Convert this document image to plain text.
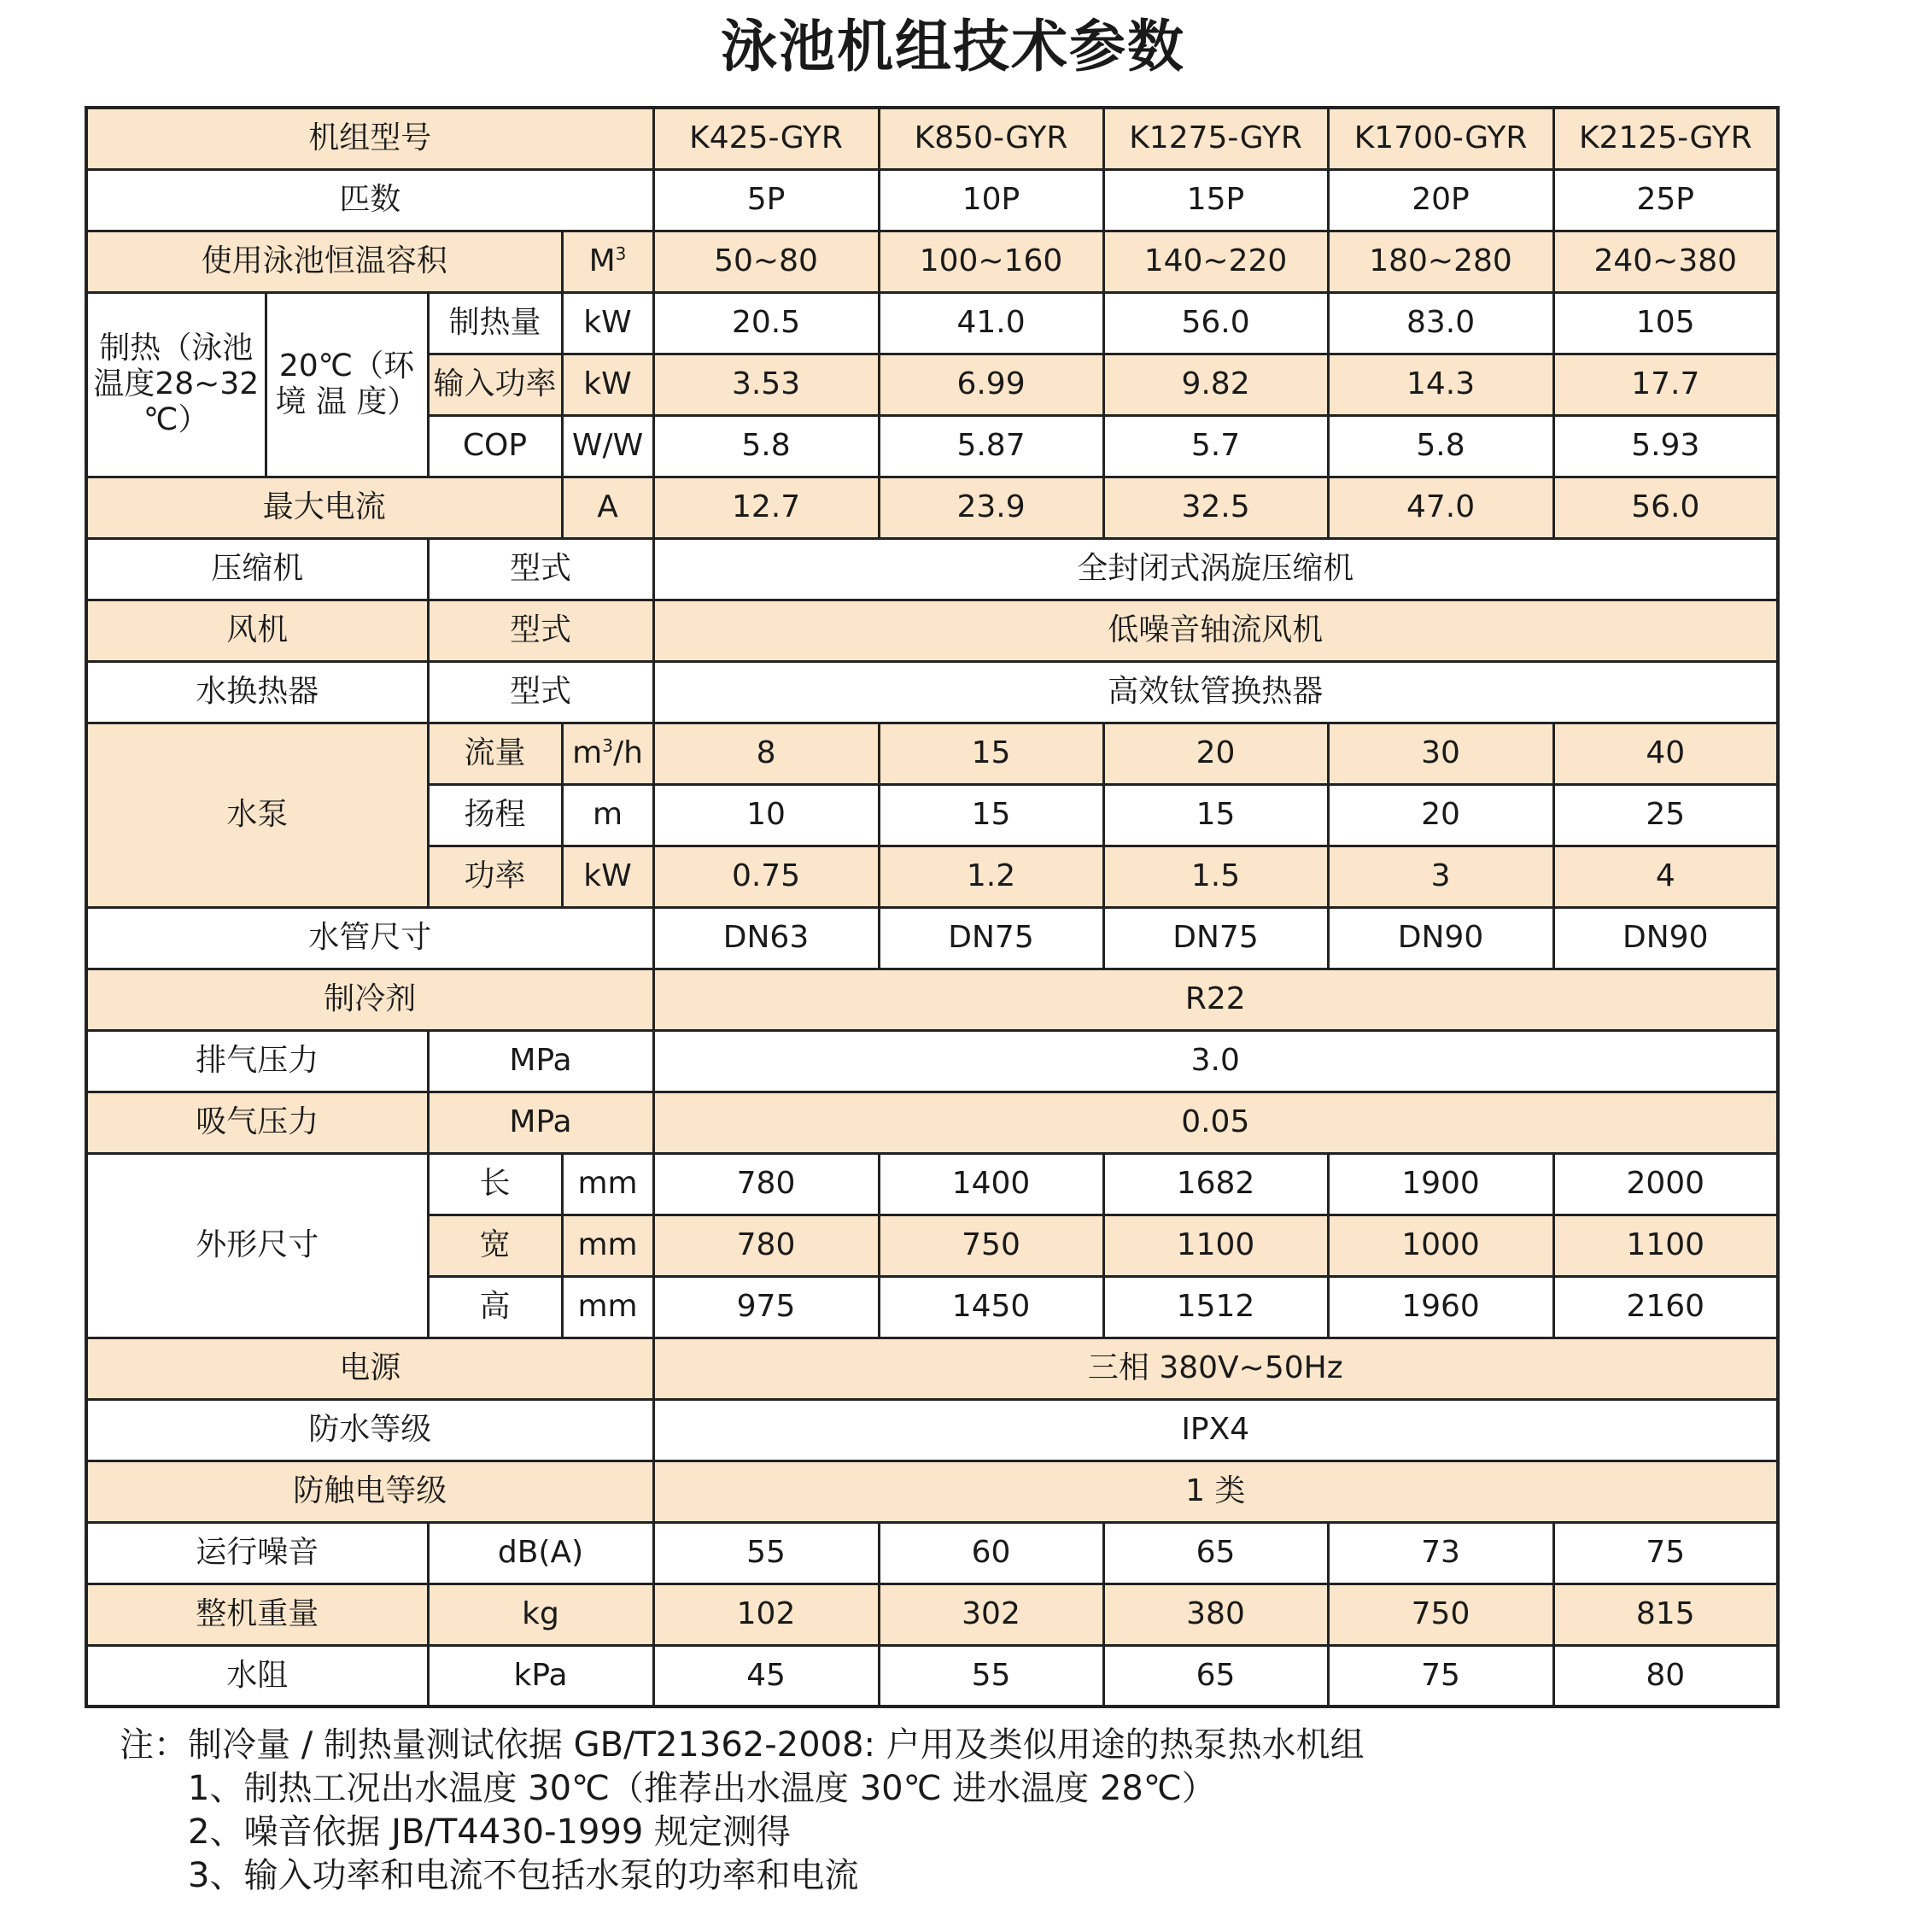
泳池机组技术参数
机组型号				K425-GYR	K850-GYR	K1275-GYR	K1700-GYR	K2125-GYR
匹数				5P	10P	15P	20P	25P
使用泳池恒温容积			$M^3$	50~80	100~160	140~220	180~280	240~380
制热（泳池温度28~32 ℃）	20℃（环 境 温 度）	制热量	kW	20.5	41.0	56.0	83.0	105
		输入功率	kW	3.53	6.99	9.82	14.3	17.7
		COP	W/W	5.8	5.87	5.7	5.8	5.93
最大电流			A	12.7	23.9	32.5	47.0	56.0
压缩机		型式		全封闭式涡旋压缩机				
风机		型式		低噪音轴流风机				
水换热器		型式		高效钛管换热器				
水泵		流量	$m^3/h$	8	15	20	30	40
		扬程	m	10	15	15	20	25
		功率	kW	0.75	1.2	1.5	3	4
水管尺寸				DN63	DN75	DN75	DN90	DN90
制冷剂				R22				
排气压力		MPa		3.0				
吸气压力		MPa		0.05				
外形尺寸		长	mm	780	1400	1682	1900	2000
		宽	mm	780	750	1100	1000	1100
		高	mm	975	1450	1512	1960	2160
电源				三相 380V~50Hz				
防水等级				IPX4				
防触电等级				1 类				
运行噪音		dB(A)		55	60	65	73	75
整机重量		kg		102	302	380	750	815
水阻		kPa		45	55	65	75	80
注：制冷量 / 制热量测试依据 GB/T21362-2008: 户用及类似用途的热泵热水机组
1、制热工况出水温度 30℃（推荐出水温度 30℃ 进水温度 28℃）
2、噪音依据 JB/T4430-1999 规定测得
3、输入功率和电流不包括水泵的功率和电流
